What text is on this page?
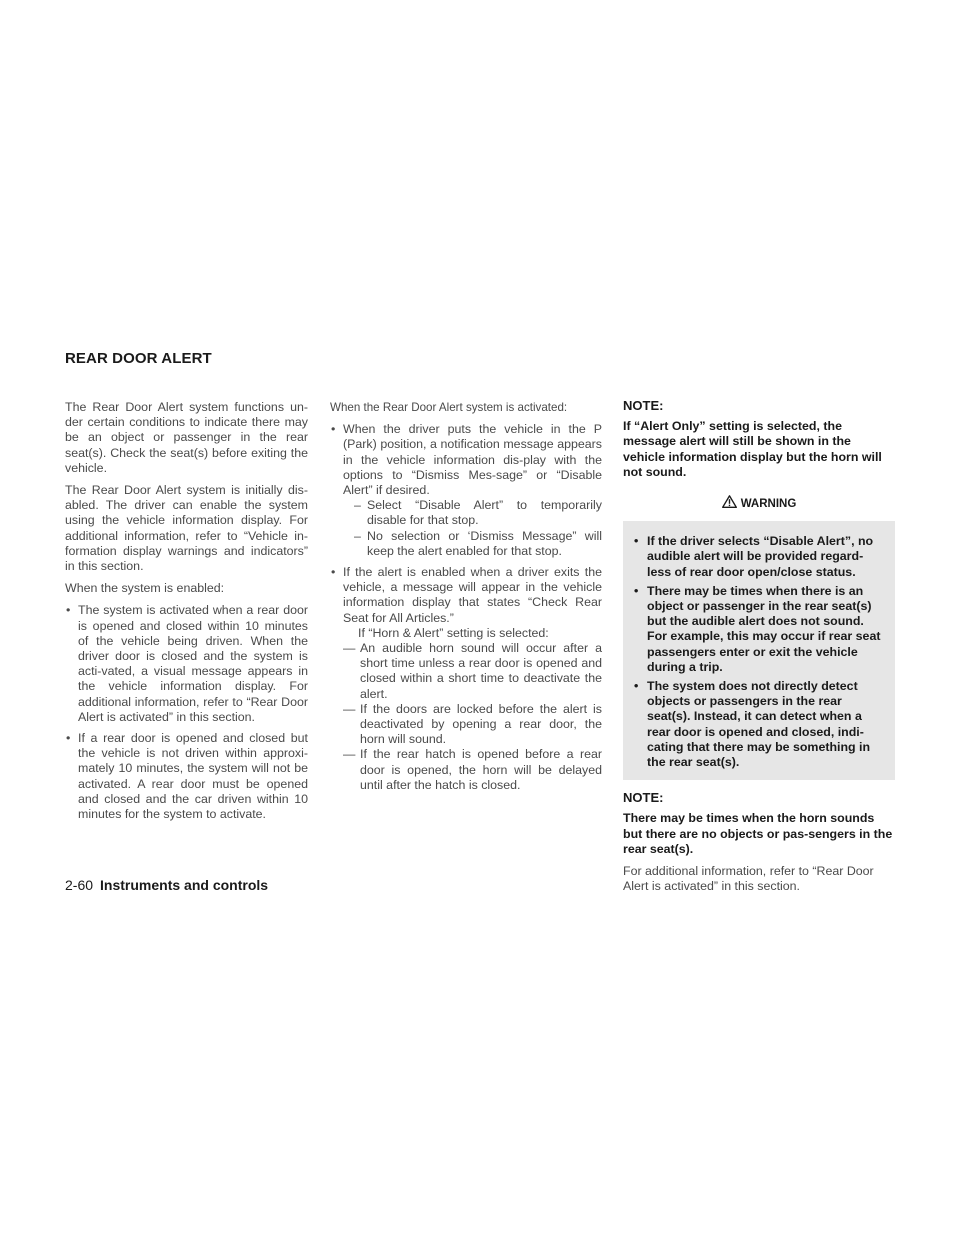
REAR DOOR ALERT

The Rear Door Alert system functions un-der certain conditions to indicate there may be an object or passenger in the rear seat(s). Check the seat(s) before exiting the vehicle.

The Rear Door Alert system is initially dis-abled. The driver can enable the system using the vehicle information display. For additional information, refer to “Vehicle in-formation display warnings and indicators” in this section.

When the system is enabled:

• The system is activated when a rear door is opened and closed within 10 minutes of the vehicle being driven. When the driver door is closed and the system is acti-vated, a visual message appears in the vehicle information display. For additional information, refer to “Rear Door Alert is activated” in this section.
• If a rear door is opened and closed but the vehicle is not driven within approxi-mately 10 minutes, the system will not be activated. A rear door must be opened and closed and the car driven within 10 minutes for the system to activate.

When the Rear Door Alert system is activated:

• When the driver puts the vehicle in the P (Park) position, a notification message appears in the vehicle information dis-play with the options to “Dismiss Mes-sage” or “Disable Alert” if desired.
– Select “Disable Alert” to temporarily disable for that stop.
– No selection or ‘Dismiss Message” will keep the alert enabled for that stop.
• If the alert is enabled when a driver exits the vehicle, a message will appear in the vehicle information display that states “Check Rear Seat for All Articles.”
If “Horn & Alert” setting is selected:
— An audible horn sound will occur after a short time unless a rear door is opened and closed within a short time to deactivate the alert.
— If the doors are locked before the alert is deactivated by opening a rear door, the horn will sound.
— If the rear hatch is opened before a rear door is opened, the horn will be delayed until after the hatch is closed.
NOTE:

If “Alert Only” setting is selected, the message alert will still be shown in the vehicle information display but the horn will not sound.

WARNING
• If the driver selects “Disable Alert”, no audible alert will be provided regard-less of rear door open/close status.
• There may be times when there is an object or passenger in the rear seat(s) but the audible alert does not sound. For example, this may occur if rear seat passengers enter or exit the vehicle during a trip.
• The system does not directly detect objects or passengers in the rear seat(s). Instead, it can detect when a rear door is opened and closed, indi-cating that there may be something in the rear seat(s).
NOTE:

There may be times when the horn sounds but there are no objects or pas-sengers in the rear seat(s).

For additional information, refer to “Rear Door Alert is activated” in this section.

2-60 Instruments and controls
